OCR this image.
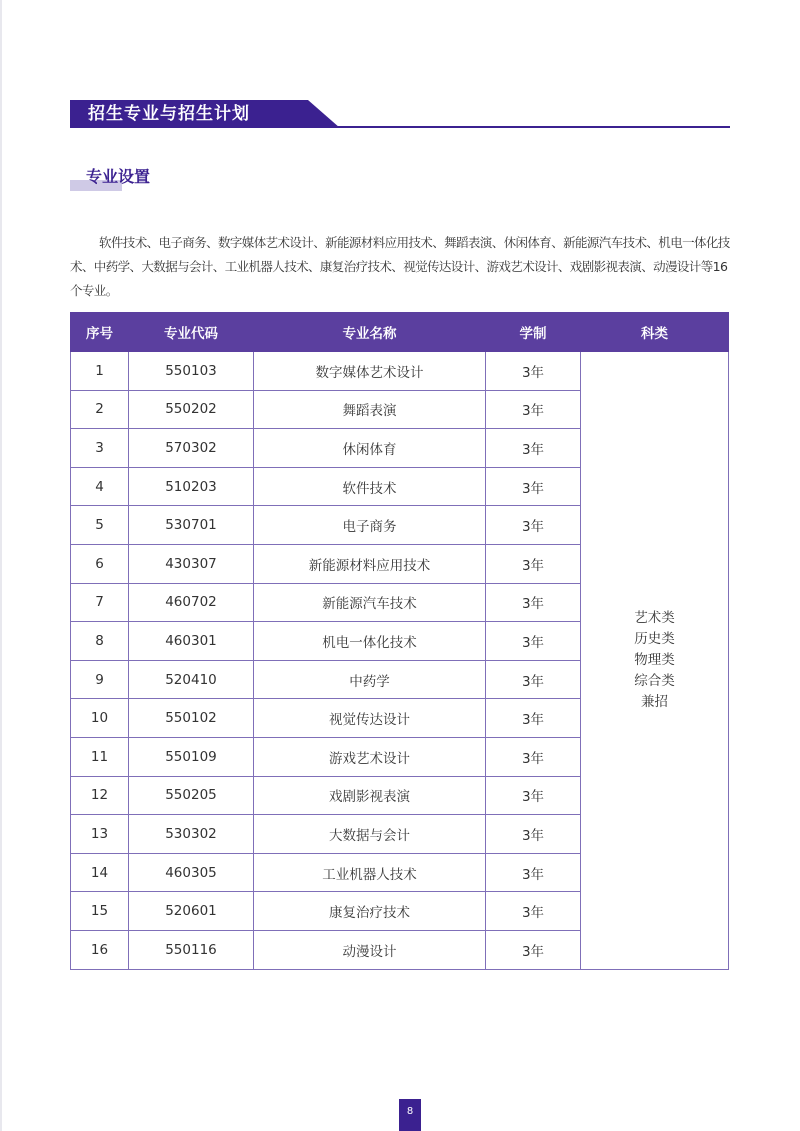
招生专业与招生计划
专业设置

软件技术、电子商务、数字媒体艺术设计、新能源材料应用技术、舞蹈表演、休闲体育、新能源汽车技术、机电一体化技术、中药学、大数据与会计、工业机器人技术、康复治疗技术、视觉传达设计、游戏艺术设计、戏剧影视表演、动漫设计等16个专业。

序号	专业代码	专业名称	学制	科类
1	550103	数字媒体艺术设计	3年	艺术类
历史类
物理类
综合类
兼招

2	550202	舞蹈表演	3年	
3	570302	休闲体育	3年	
4	510203	软件技术	3年	
5	530701	电子商务	3年	
6	430307	新能源材料应用技术	3年	
7	460702	新能源汽车技术	3年	
8	460301	机电一体化技术	3年	
9	520410	中药学	3年	
10	550102	视觉传达设计	3年	
11	550109	游戏艺术设计	3年	
12	550205	戏剧影视表演	3年	
13	530302	大数据与会计	3年	
14	460305	工业机器人技术	3年	
15	520601	康复治疗技术	3年	
16	550116	动漫设计	3年	
8
